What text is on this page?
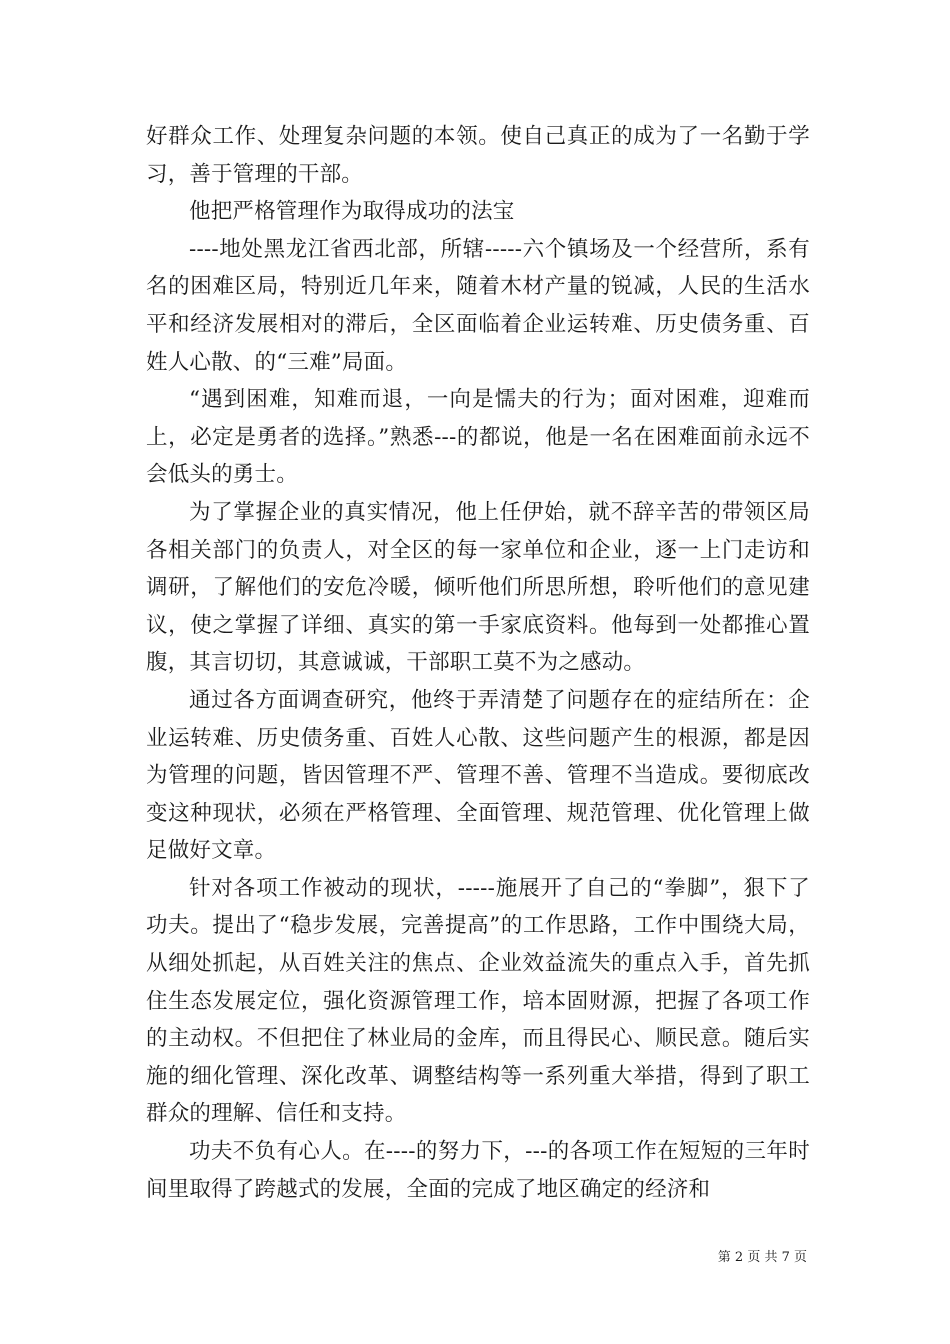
好群众工作、处理复杂问题的本领。使自己真正的成为了一名勤于学习，善于管理的干部。

他把严格管理作为取得成功的法宝

----地处黑龙江省西北部，所辖-----六个镇场及一个经营所，系有名的困难区局，特别近几年来，随着木材产量的锐减，人民的生活水平和经济发展相对的滞后，全区面临着企业运转难、历史债务重、百姓人心散、的“三难”局面。

“遇到困难，知难而退，一向是懦夫的行为；面对困难，迎难而上，必定是勇者的选择。”熟悉---的都说，他是一名在困难面前永远不会低头的勇士。

为了掌握企业的真实情况，他上任伊始，就不辞辛苦的带领区局各相关部门的负责人，对全区的每一家单位和企业，逐一上门走访和调研，了解他们的安危冷暖，倾听他们所思所想，聆听他们的意见建议，使之掌握了详细、真实的第一手家底资料。他每到一处都推心置腹，其言切切，其意诚诚，干部职工莫不为之感动。

通过各方面调查研究，他终于弄清楚了问题存在的症结所在：企业运转难、历史债务重、百姓人心散、这些问题产生的根源，都是因为管理的问题，皆因管理不严、管理不善、管理不当造成。要彻底改变这种现状，必须在严格管理、全面管理、规范管理、优化管理上做足做好文章。

针对各项工作被动的现状，-----施展开了自己的“拳脚”，狠下了功夫。提出了“稳步发展，完善提高”的工作思路，工作中围绕大局，从细处抓起，从百姓关注的焦点、企业效益流失的重点入手，首先抓住生态发展定位，强化资源管理工作，培本固财源，把握了各项工作的主动权。不但把住了林业局的金库，而且得民心、顺民意。随后实施的细化管理、深化改革、调整结构等一系列重大举措，得到了职工群众的理解、信任和支持。

功夫不负有心人。在----的努力下，---的各项工作在短短的三年时间里取得了跨越式的发展，全面的完成了地区确定的经济和

第 2 页 共 7 页
